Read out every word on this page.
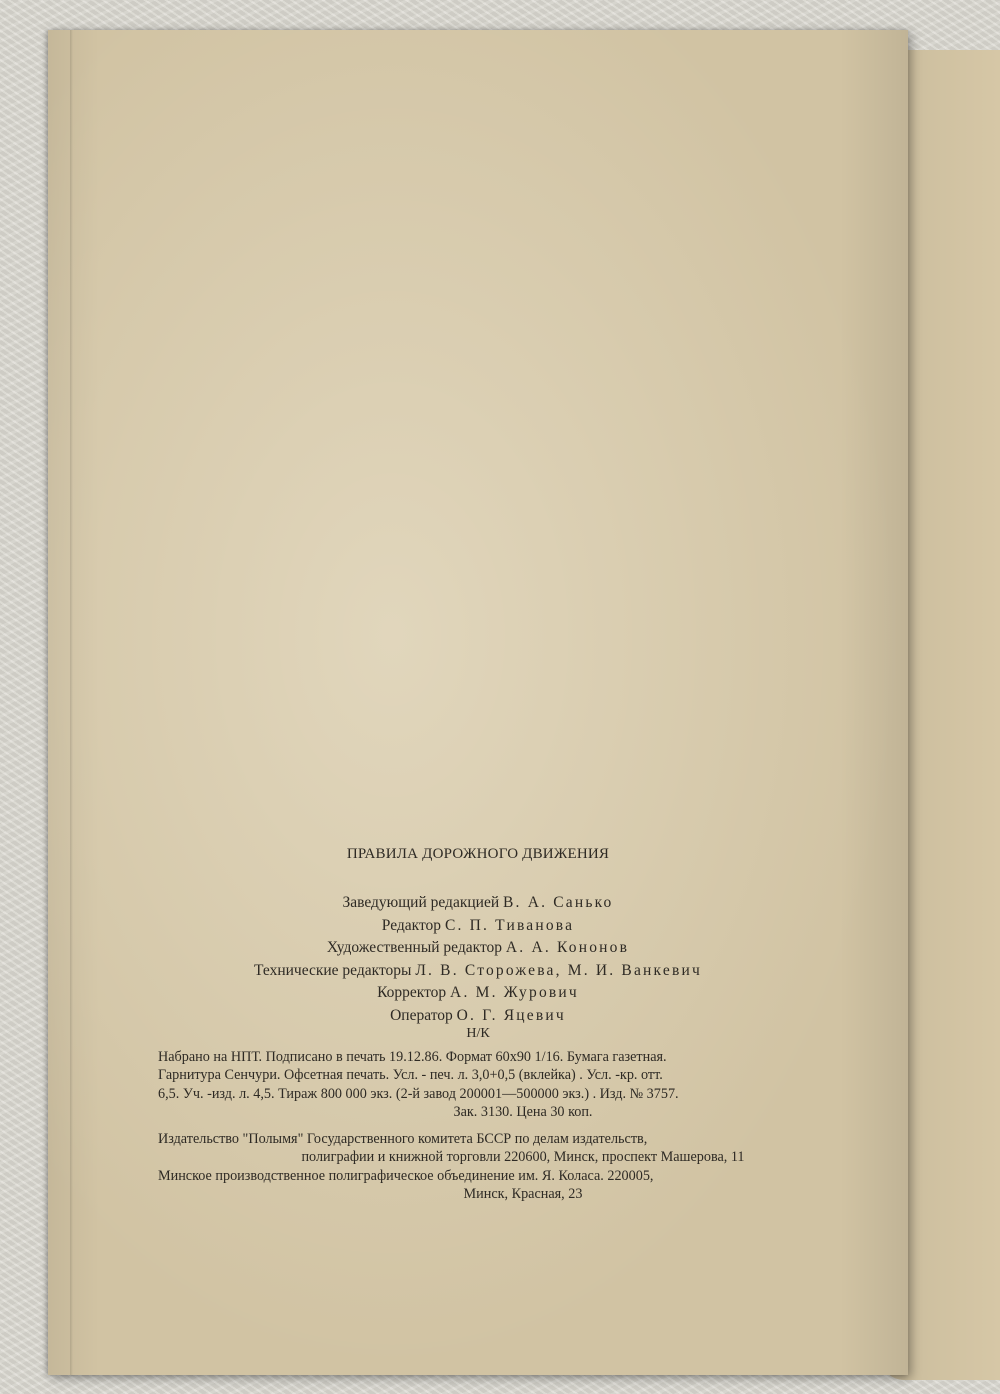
ПРАВИЛА ДОРОЖНОГО ДВИЖЕНИЯ
Заведующий редакцией В. А. Санько
Редактор С. П. Тиванова
Художественный редактор А. А. Кононов
Технические редакторы Л. В. Сторожева, М. И. Ванкевич
Корректор А. М. Журович
Оператор О. Г. Яцевич
Н/К

Набрано на НПТ. Подписано в печать 19.12.86. Формат 60х90 1/16. Бумага газетная.

Гарнитура Сенчури. Офсетная печать. Усл. - печ. л. 3,0+0,5 (вклейка) . Усл. -кр. отт.

6,5. Уч. -изд. л. 4,5. Тираж 800 000 экз. (2-й завод 200001—500000 экз.) . Изд. № 3757.

Зак. 3130. Цена 30 коп.

Издательство "Полымя" Государственного комитета БССР по делам издательств,

полиграфии и книжной торговли 220600, Минск, проспект Машерова, 11

Минское производственное полиграфическое объединение им. Я. Коласа. 220005,

Минск, Красная, 23
